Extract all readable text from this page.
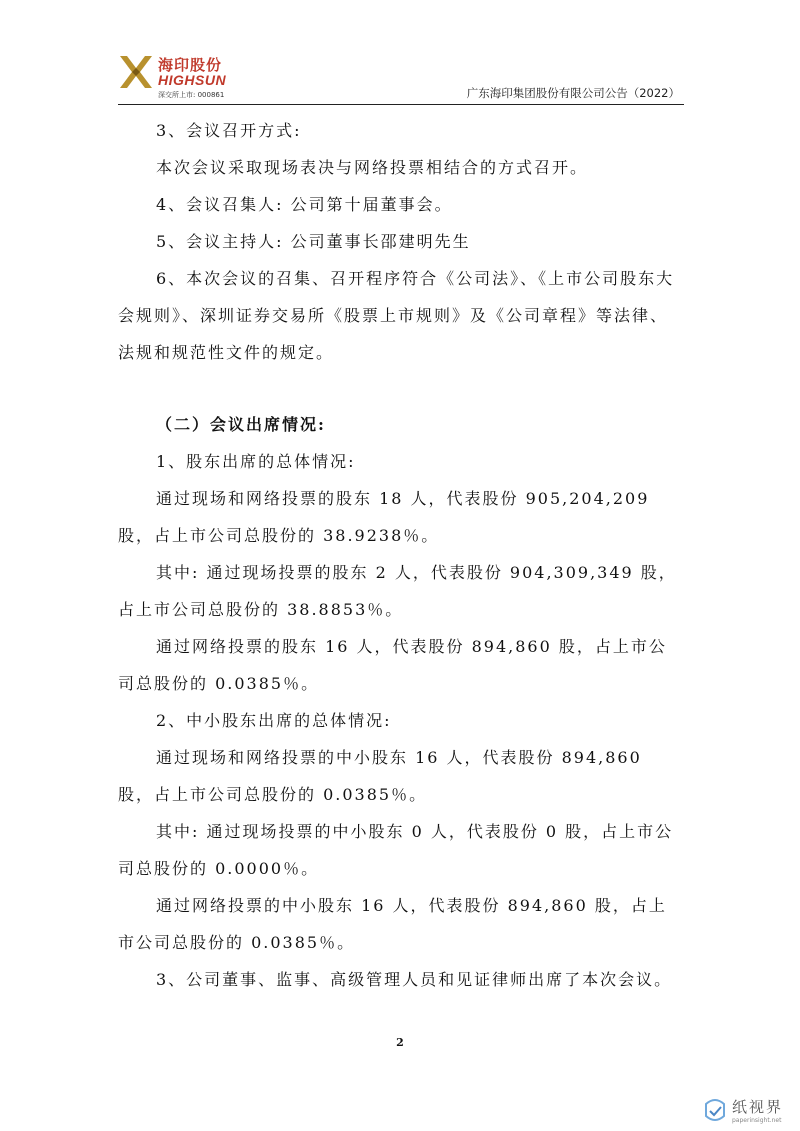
海印股份
HIGHSUN
深交所上市: 000861	广东海印集团股份有限公司公告（2022）

3、会议召开方式:

本次会议采取现场表决与网络投票相结合的方式召开。

4、会议召集人: 公司第十届董事会。

5、会议主持人: 公司董事长邵建明先生

6、本次会议的召集、召开程序符合《公司法》、《上市公司股东大会规则》、深圳证券交易所《股票上市规则》及《公司章程》等法律、法规和规范性文件的规定。

（二）会议出席情况:

1、股东出席的总体情况:

通过现场和网络投票的股东 18 人，代表股份 905,204,209 股，占上市公司总股份的 38.9238％。

其中: 通过现场投票的股东 2 人，代表股份 904,309,349 股，占上市公司总股份的 38.8853％。

通过网络投票的股东 16 人，代表股份 894,860 股，占上市公司总股份的 0.0385％。

2、中小股东出席的总体情况:

通过现场和网络投票的中小股东 16 人，代表股份 894,860 股，占上市公司总股份的 0.0385％。

其中: 通过现场投票的中小股东 0 人，代表股份 0 股，占上市公司总股份的 0.0000％。

通过网络投票的中小股东 16 人，代表股份 894,860 股，占上市公司总股份的 0.0385％。

3、公司董事、监事、高级管理人员和见证律师出席了本次会议。

2
纸视界
paperinsight.net
